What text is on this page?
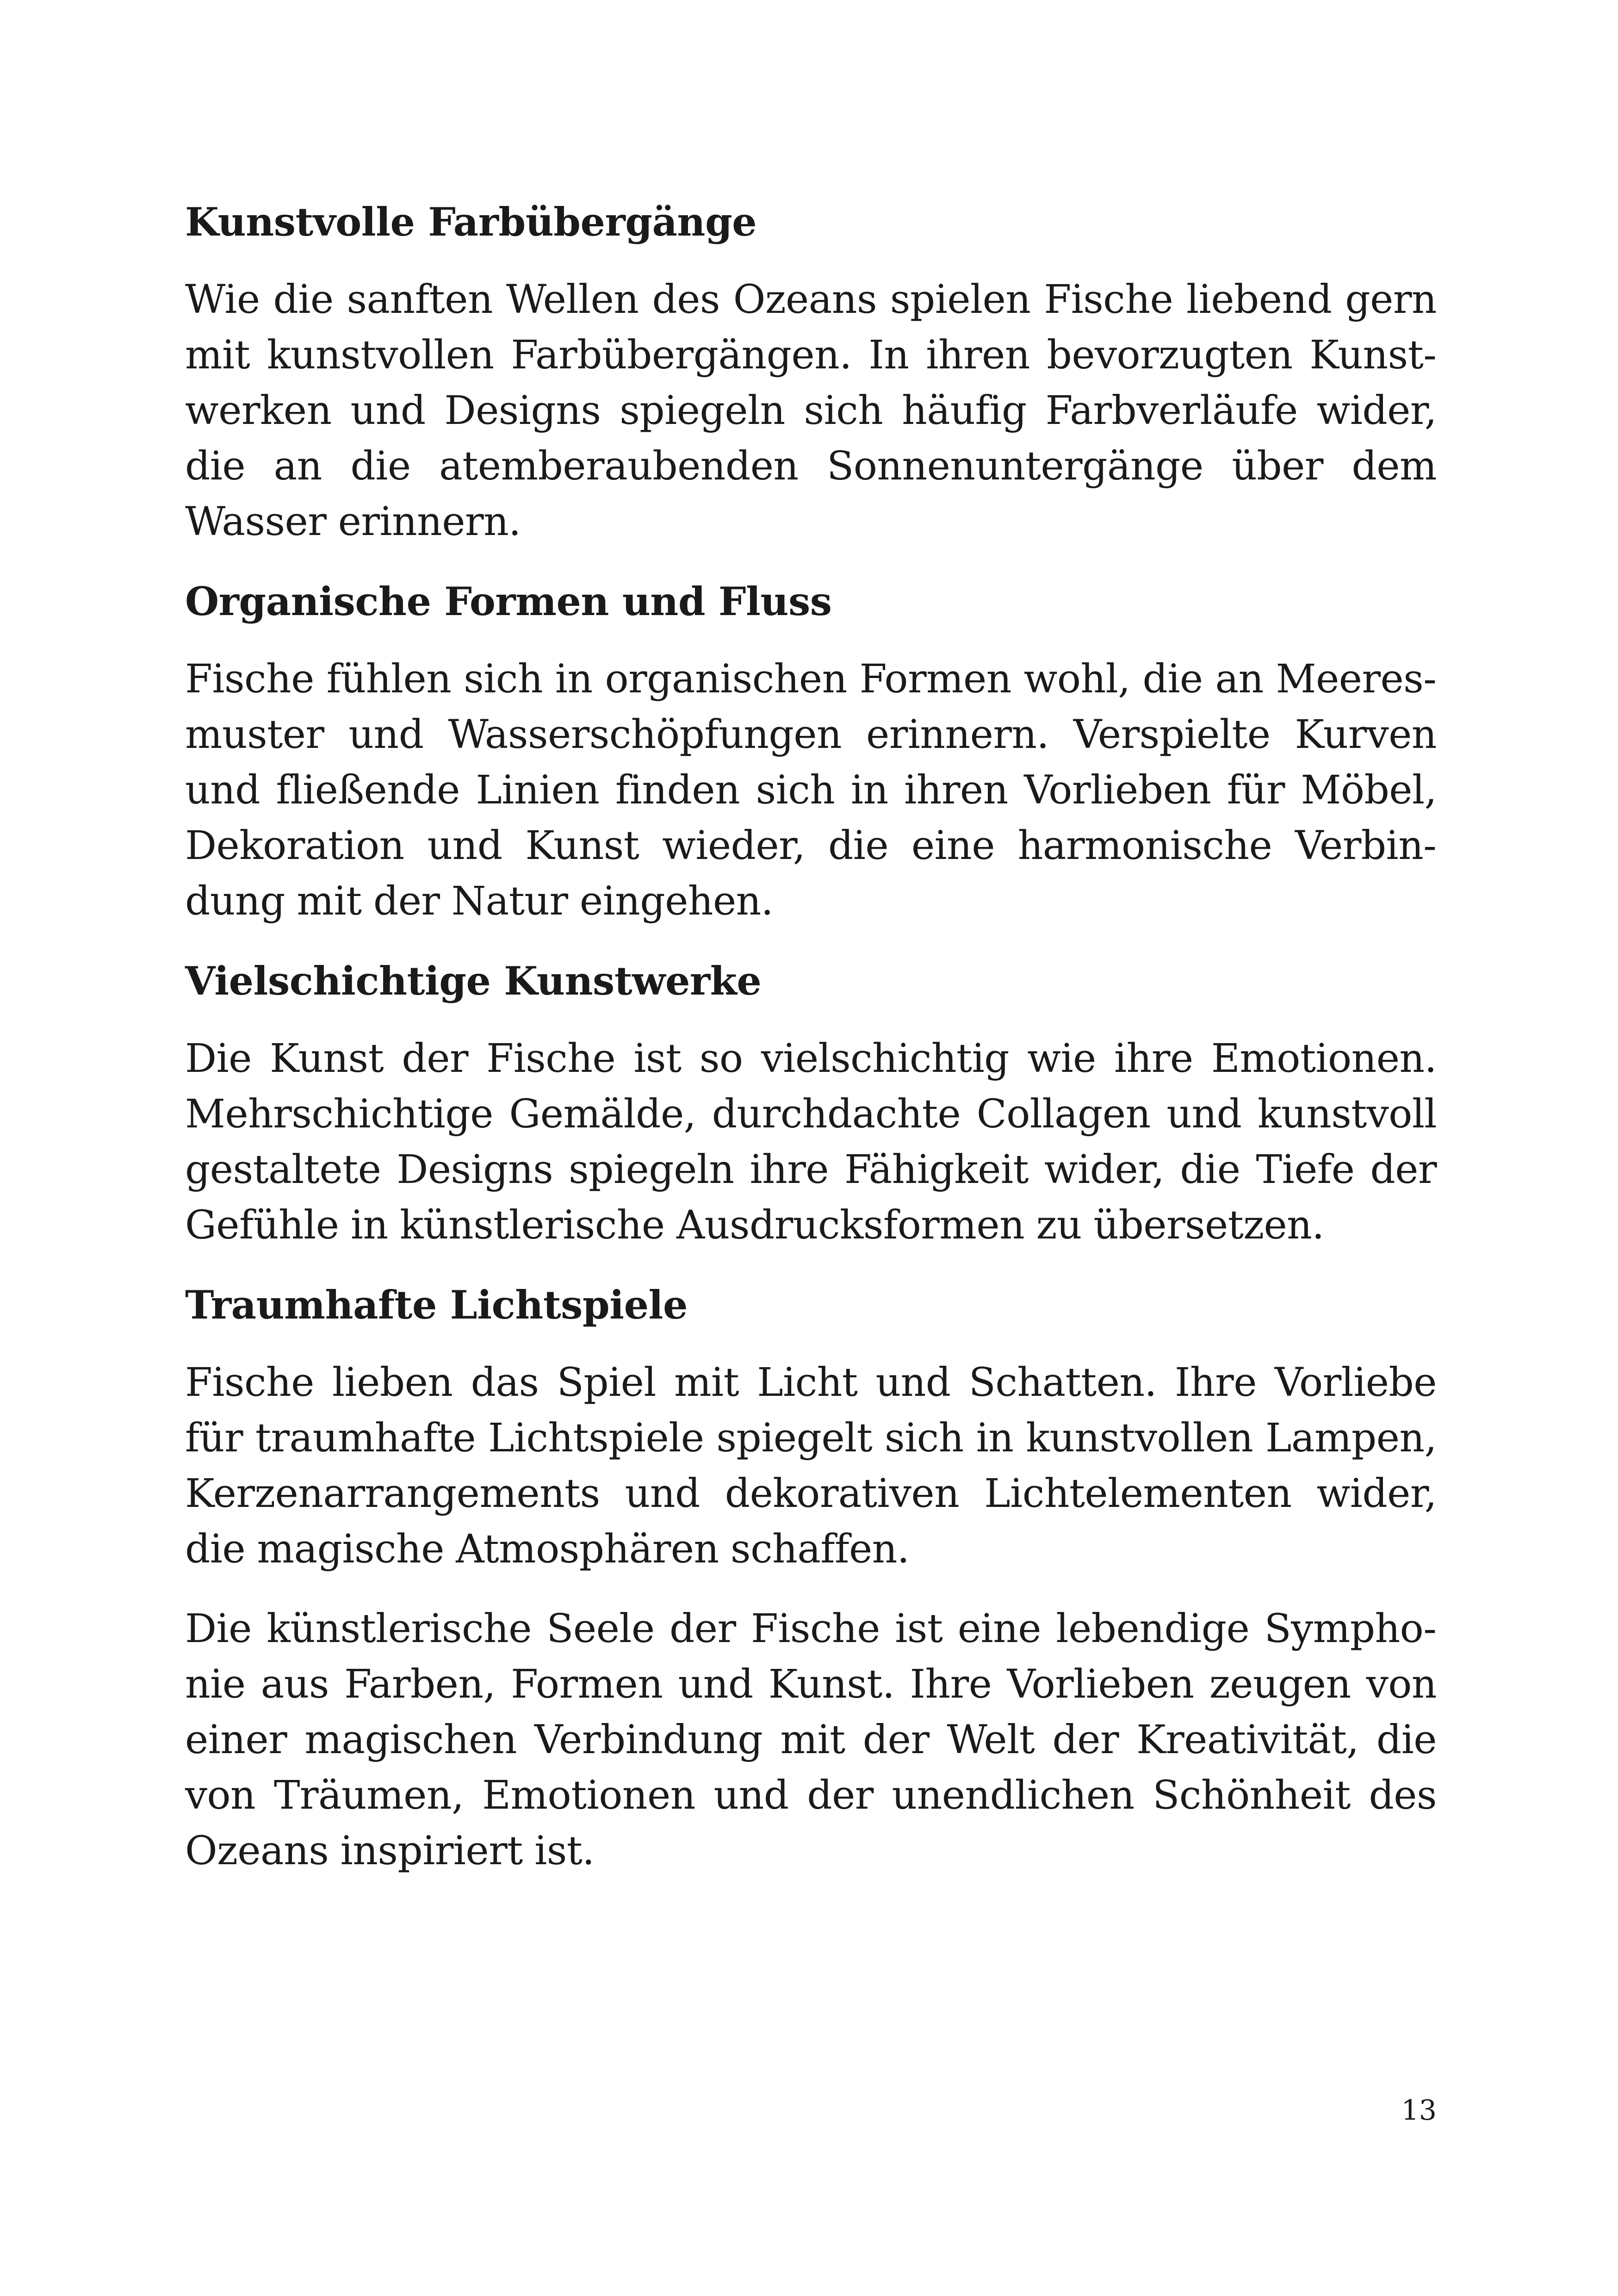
Kunstvolle Farbübergänge

Wie die sanften Wellen des Ozeans spielen Fische liebend gern mit kunstvollen Farbübergängen. In ihren bevorzugten Kunstwerken und Designs spiegeln sich häufig Farbverläufe wider, die an die atemberaubenden Sonnenuntergänge über dem Wasser erinnern.

Organische Formen und Fluss

Fische fühlen sich in organischen Formen wohl, die an Meeresmuster und Wasserschöpfungen erinnern. Verspielte Kurven und fließende Linien finden sich in ihren Vorlieben für Möbel, Dekoration und Kunst wieder, die eine harmonische Verbindung mit der Natur eingehen.

Vielschichtige Kunstwerke

Die Kunst der Fische ist so vielschichtig wie ihre Emotionen. Mehrschichtige Gemälde, durchdachte Collagen und kunstvoll gestaltete Designs spiegeln ihre Fähigkeit wider, die Tiefe der Gefühle in künstlerische Ausdrucksformen zu übersetzen.

Traumhafte Lichtspiele

Fische lieben das Spiel mit Licht und Schatten. Ihre Vorliebe für traumhafte Lichtspiele spiegelt sich in kunstvollen Lampen, Kerzenarrangements und dekorativen Lichtelementen wider, die magische Atmosphären schaffen.

Die künstlerische Seele der Fische ist eine lebendige Symphonie aus Farben, Formen und Kunst. Ihre Vorlieben zeugen von einer magischen Verbindung mit der Welt der Kreativität, die von Träumen, Emotionen und der unendlichen Schönheit des Ozeans inspiriert ist.

13
